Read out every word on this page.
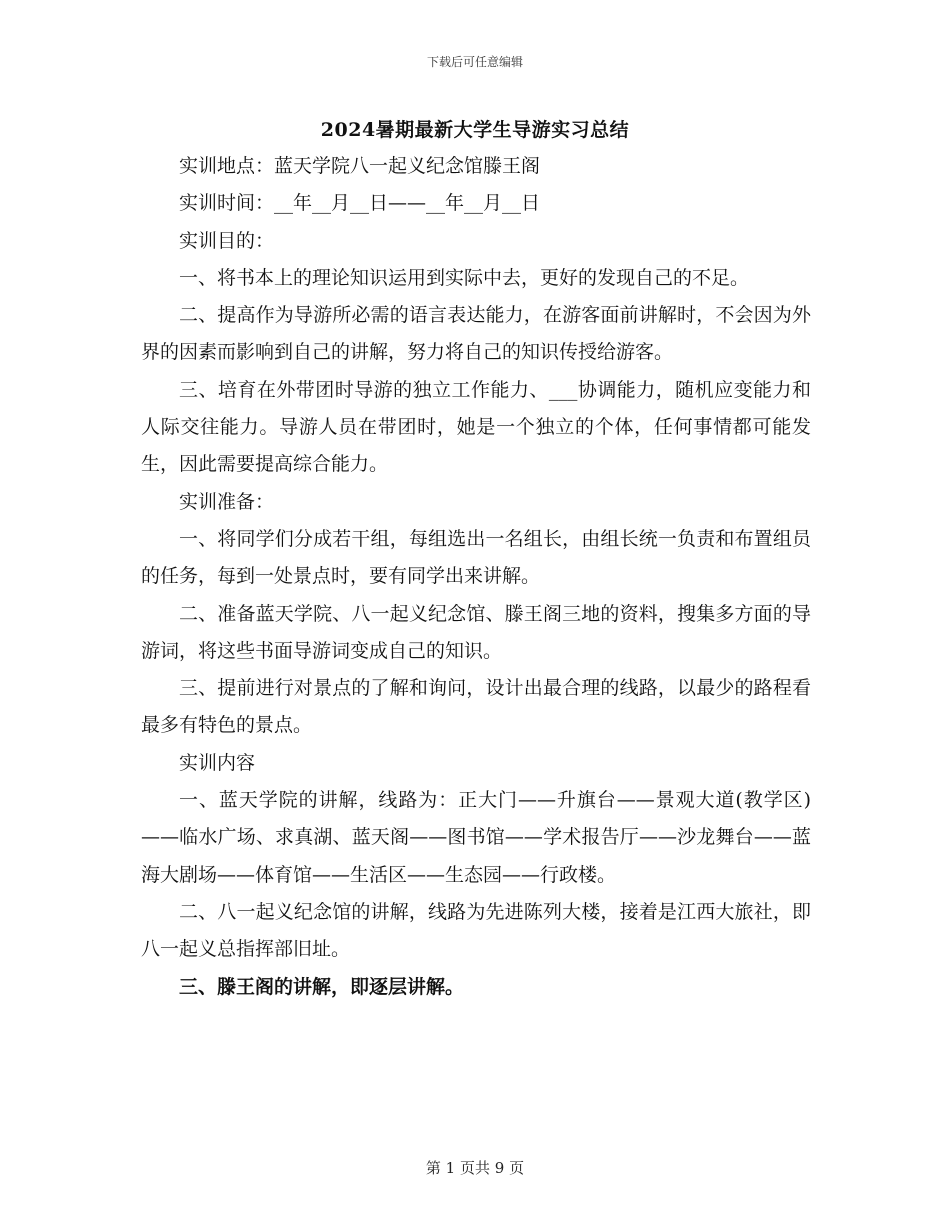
下载后可任意编辑
2024暑期最新大学生导游实习总结

实训地点：蓝天学院八一起义纪念馆滕王阁

实训时间：__年__月__日——__年__月__日

实训目的：

一、将书本上的理论知识运用到实际中去，更好的发现自己的不足。

二、提高作为导游所必需的语言表达能力，在游客面前讲解时，不会因为外界的因素而影响到自己的讲解，努力将自己的知识传授给游客。

三、培育在外带团时导游的独立工作能力、___协调能力，随机应变能力和人际交往能力。导游人员在带团时，她是一个独立的个体，任何事情都可能发生，因此需要提高综合能力。

实训准备：

一、将同学们分成若干组，每组选出一名组长，由组长统一负责和布置组员的任务，每到一处景点时，要有同学出来讲解。

二、准备蓝天学院、八一起义纪念馆、滕王阁三地的资料，搜集多方面的导游词，将这些书面导游词变成自己的知识。

三、提前进行对景点的了解和询问，设计出最合理的线路，以最少的路程看最多有特色的景点。

实训内容

一、蓝天学院的讲解，线路为：正大门——升旗台——景观大道(教学区)——临水广场、求真湖、蓝天阁——图书馆——学术报告厅——沙龙舞台——蓝海大剧场——体育馆——生活区——生态园——行政楼。

二、八一起义纪念馆的讲解，线路为先进陈列大楼，接着是江西大旅社，即八一起义总指挥部旧址。

三、滕王阁的讲解，即逐层讲解。

第 1 页共 9 页
